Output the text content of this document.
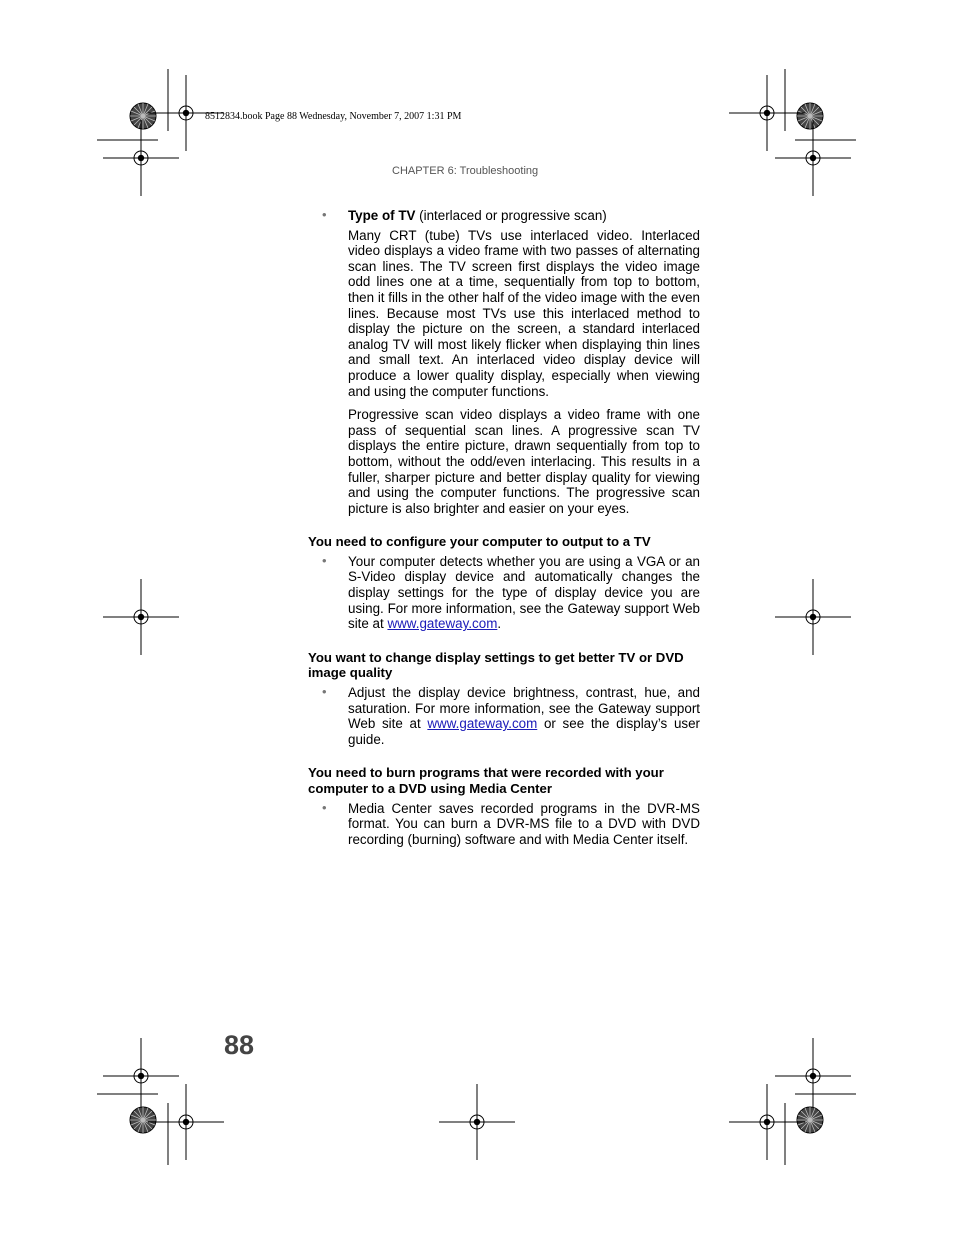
8512834.book Page 88 Wednesday, November 7, 2007 1:31 PM
CHAPTER 6: Troubleshooting
• Type of TV (interlaced or progressive scan)

Many CRT (tube) TVs use interlaced video. Interlaced video displays a video frame with two passes of alternating scan lines. The TV screen first displays the video image odd lines one at a time, sequentially from top to bottom, then it fills in the other half of the video image with the even lines. Because most TVs use this interlaced method to display the picture on the screen, a standard interlaced analog TV will most likely flicker when displaying thin lines and small text. An interlaced video display device will produce a lower quality display, especially when viewing and using the computer functions.

Progressive scan video displays a video frame with one pass of sequential scan lines. A progressive scan TV displays the entire picture, drawn sequentially from top to bottom, without the odd/even interlacing. This results in a fuller, sharper picture and better display quality for viewing and using the computer functions. The progressive scan picture is also brighter and easier on your eyes.

You need to configure your computer to output to a TV
• Your computer detects whether you are using a VGA or an S-Video display device and automatically changes the display settings for the type of display device you are using. For more information, see the Gateway support Web site at www.gateway.com.

You want to change display settings to get better TV or DVD image quality
• Adjust the display device brightness, contrast, hue, and saturation. For more information, see the Gateway support Web site at www.gateway.com or see the display’s user guide.

You need to burn programs that were recorded with your computer to a DVD using Media Center
• Media Center saves recorded programs in the DVR-MS format. You can burn a DVR-MS file to a DVD with DVD recording (burning) software and with Media Center itself.

88
